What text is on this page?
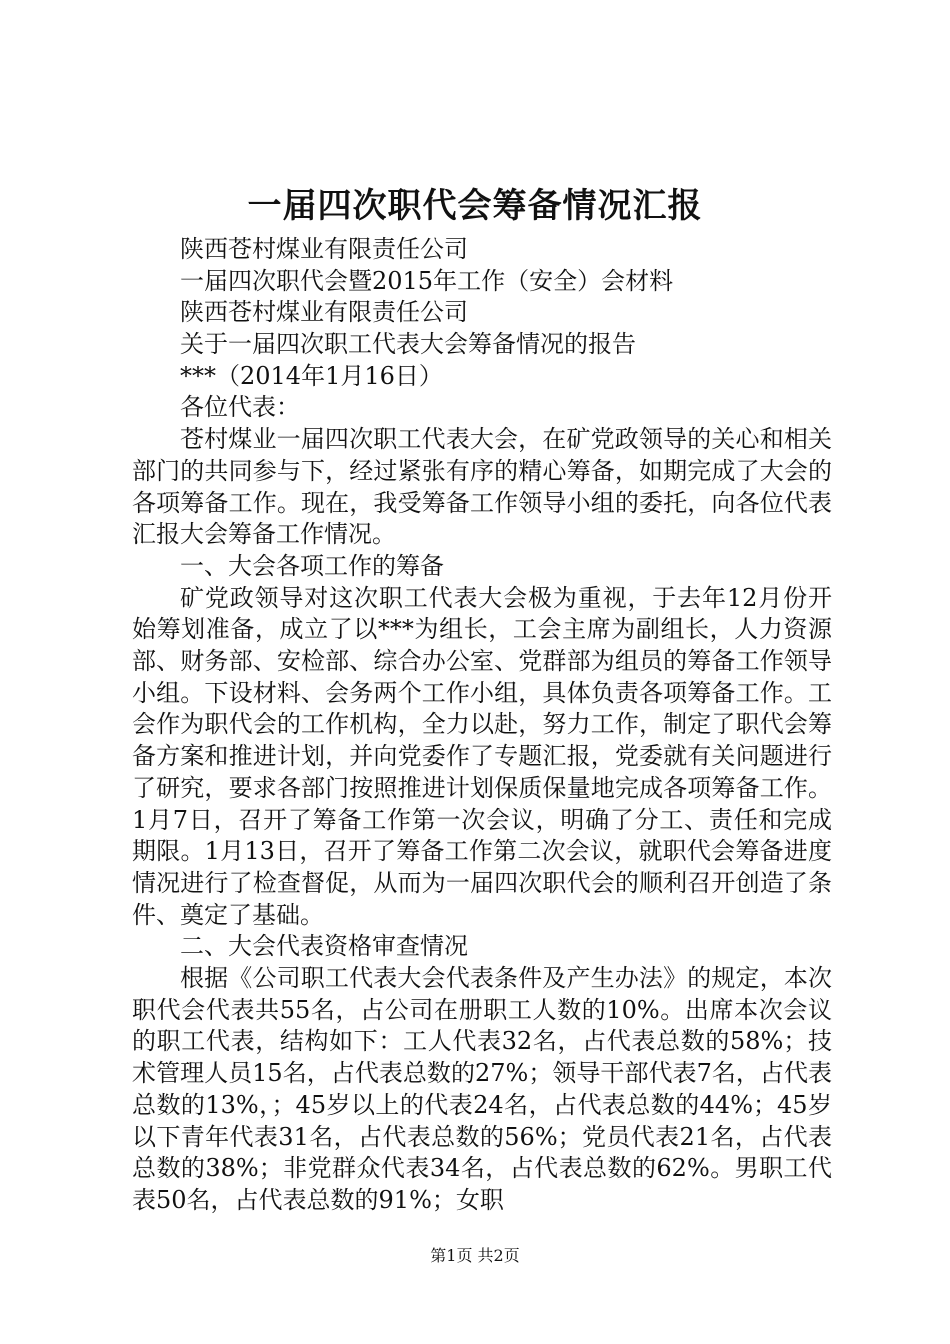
一届四次职代会筹备情况汇报
陕西苍村煤业有限责任公司
一届四次职代会暨2015年工作（安全）会材料
陕西苍村煤业有限责任公司
关于一届四次职工代表大会筹备情况的报告
***（2014年1月16日）
各位代表：
苍村煤业一届四次职工代表大会，在矿党政领导的关心和相关部门的共同参与下，经过紧张有序的精心筹备，如期完成了大会的各项筹备工作。现在，我受筹备工作领导小组的委托，向各位代表汇报大会筹备工作情况。
一、大会各项工作的筹备
矿党政领导对这次职工代表大会极为重视，于去年12月份开始筹划准备，成立了以***为组长，工会主席为副组长，人力资源部、财务部、安检部、综合办公室、党群部为组员的筹备工作领导小组。下设材料、会务两个工作小组，具体负责各项筹备工作。工会作为职代会的工作机构，全力以赴，努力工作，制定了职代会筹备方案和推进计划，并向党委作了专题汇报，党委就有关问题进行了研究，要求各部门按照推进计划保质保量地完成各项筹备工作。1月7日，召开了筹备工作第一次会议，明确了分工、责任和完成期限。1月13日，召开了筹备工作第二次会议，就职代会筹备进度情况进行了检查督促，从而为一届四次职代会的顺利召开创造了条件、奠定了基础。
二、大会代表资格审查情况
根据《公司职工代表大会代表条件及产生办法》的规定，本次职代会代表共55名，占公司在册职工人数的10%。出席本次会议的职工代表，结构如下：工人代表32名，占代表总数的58%；技术管理人员15名，占代表总数的27%；领导干部代表7名，占代表总数的13%，；45岁以上的代表24名，占代表总数的44%；45岁以下青年代表31名，占代表总数的56%；党员代表21名，占代表总数的38%；非党群众代表34名，占代表总数的62%。男职工代表50名，占代表总数的91%；女职
第1页 共2页
